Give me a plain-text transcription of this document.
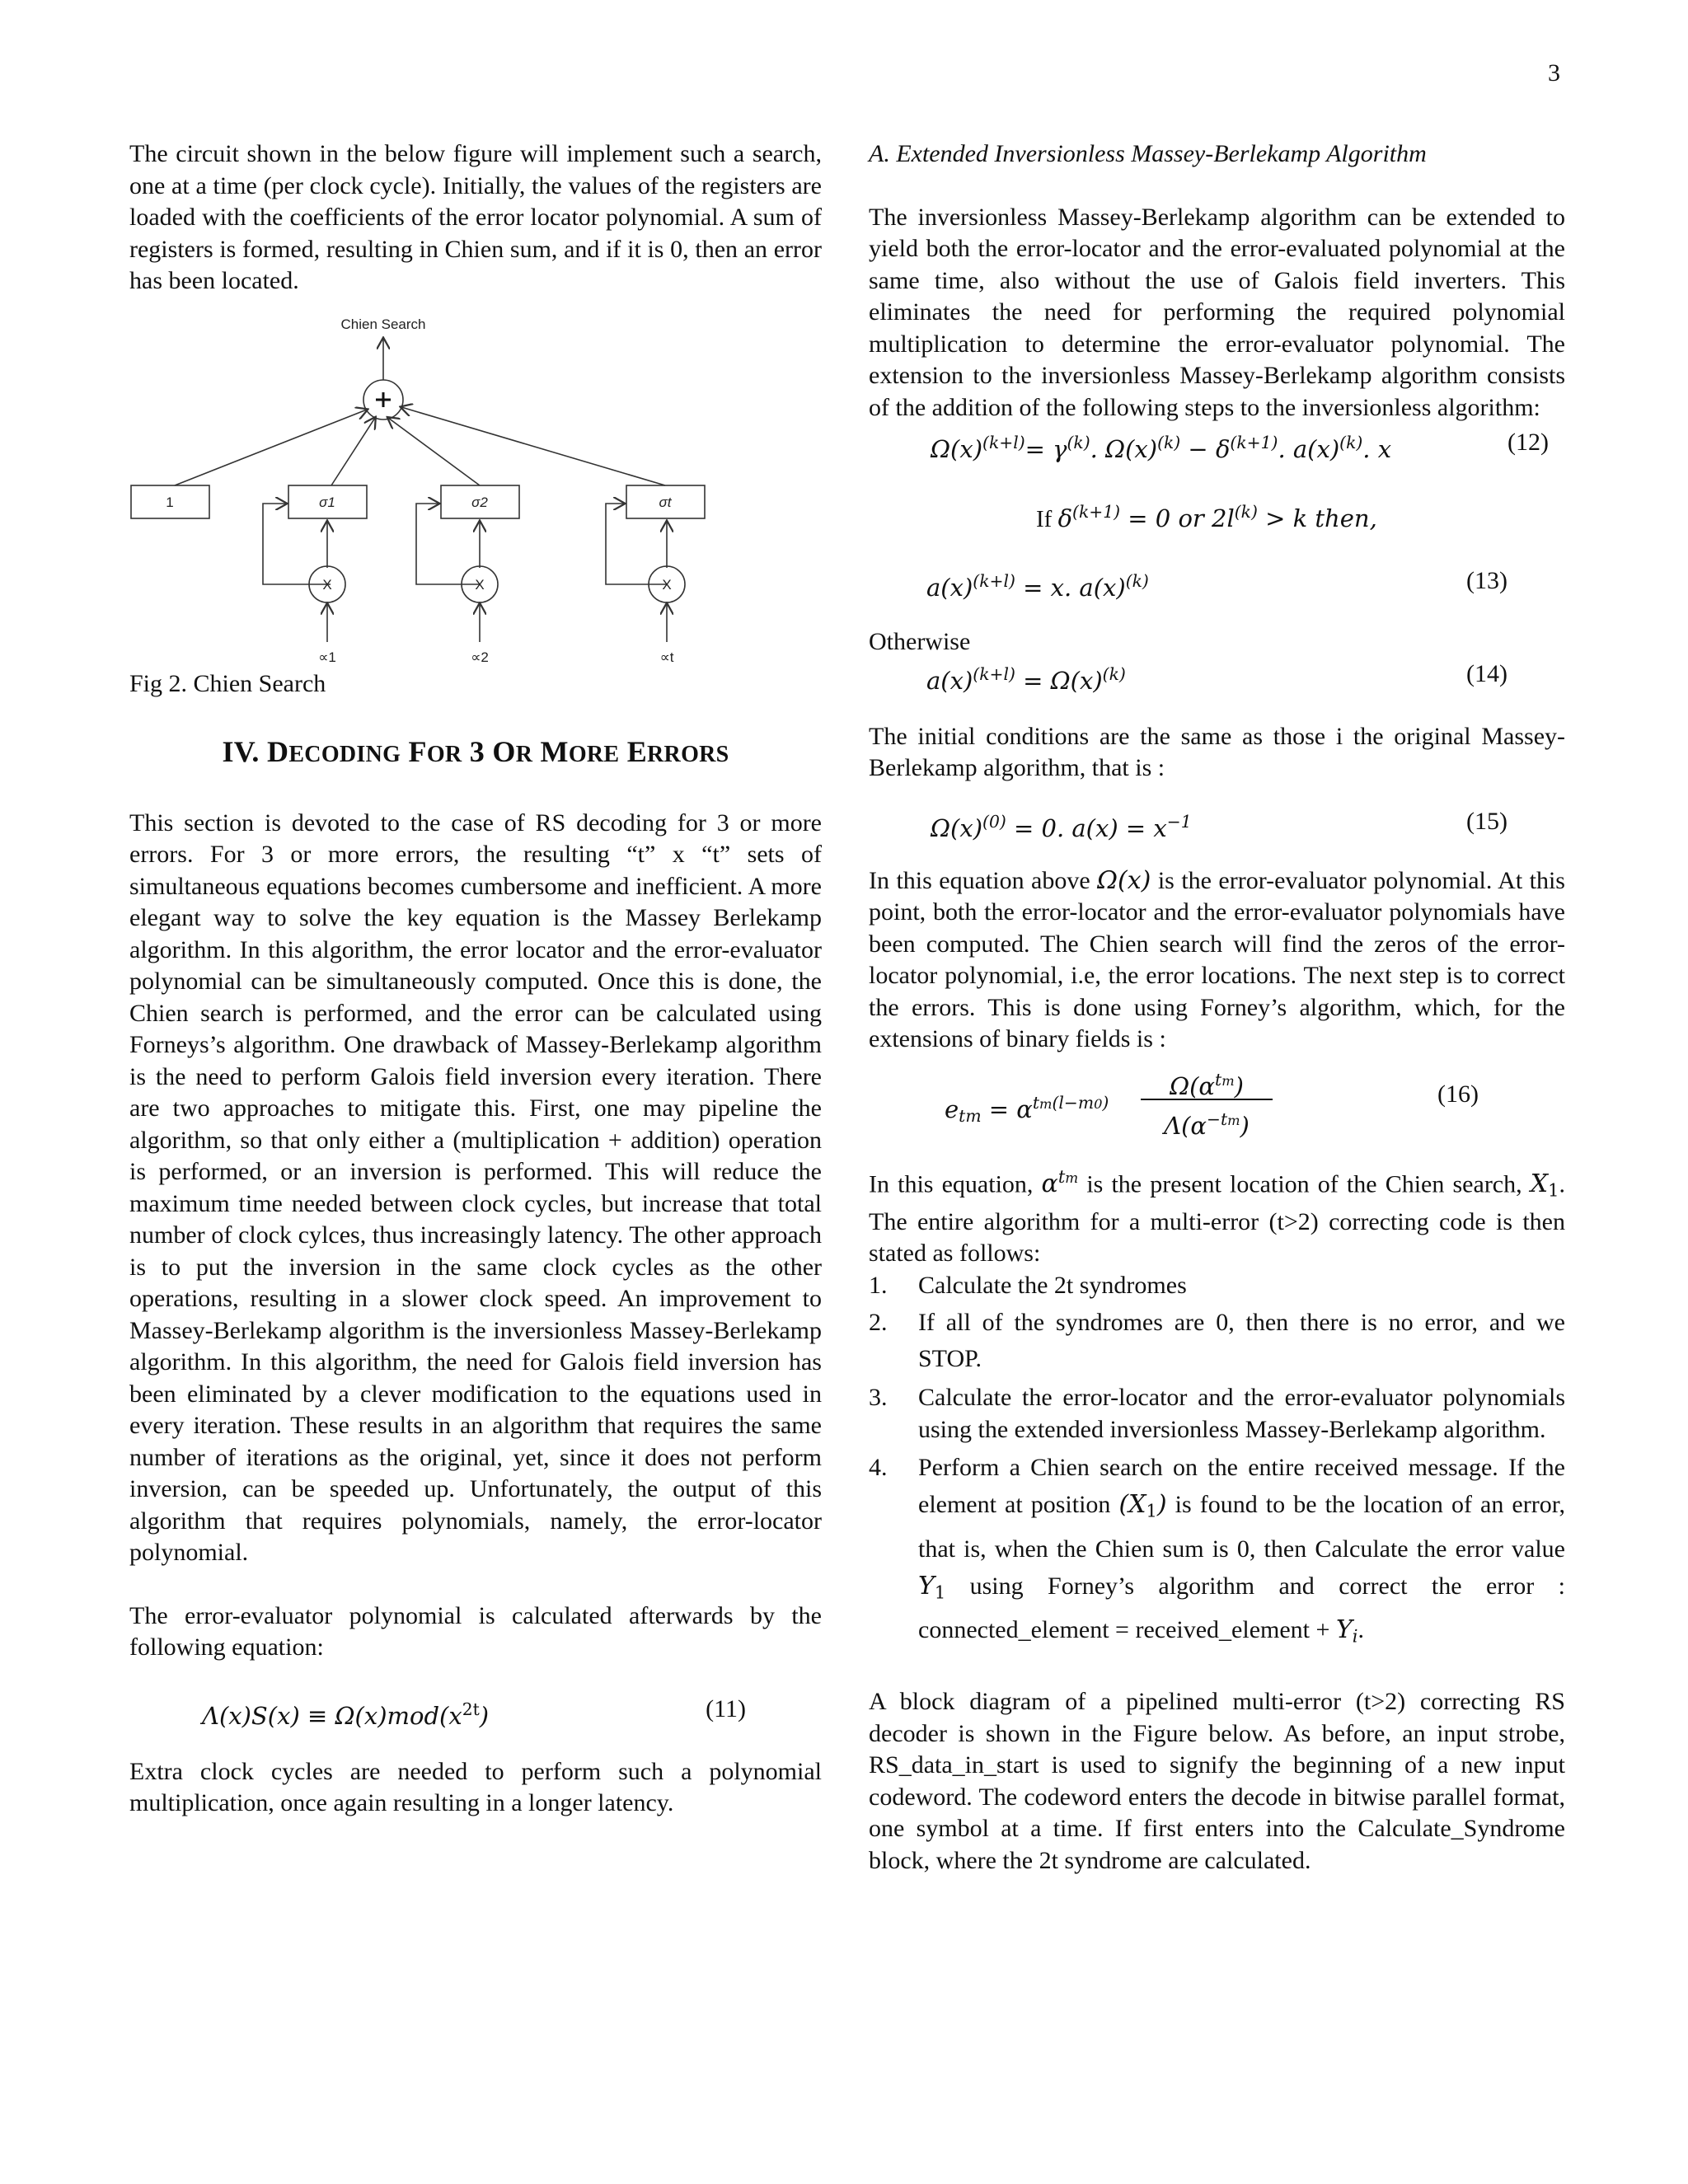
3

The circuit shown in the below figure will implement such a search, one at a time (per clock cycle). Initially, the values of the registers are loaded with the coefficients of the error locator polynomial. A sum of registers is formed, resulting in Chien sum, and if it is 0, then an error has been located.

Chien Search
1	σ1	σ2	σt
X	X	X
∝1	∝2	∝t
Fig 2. Chien Search
IV. DECODING FOR 3 OR MORE ERRORS

This section is devoted to the case of RS decoding for 3 or more errors. For 3 or more errors, the resulting “t” x “t” sets of simultaneous equations becomes cumbersome and inefficient. A more elegant way to solve the key equation is the Massey Berlekamp algorithm. In this algorithm, the error locator and the error-evaluator polynomial can be simultaneously computed. Once this is done, the Chien search is performed, and the error can be calculated using Forneys’s algorithm. One drawback of Massey-Berlekamp algorithm is the need to perform Galois field inversion every iteration. There are two approaches to mitigate this. First, one may pipeline the algorithm, so that only either a (multiplication + addition) operation is performed, or an inversion is performed. This will reduce the maximum time needed between clock cycles, but increase that total number of clock cylces, thus increasingly latency. The other approach is to put the inversion in the same clock cycles as the other operations, resulting in a slower clock speed. An improvement to Massey-Berlekamp algorithm is the inversionless Massey-Berlekamp algorithm. In this algorithm, the need for Galois field inversion has been eliminated by a clever modification to the equations used in every iteration. These results in an algorithm that requires the same number of iterations as the original, yet, since it does not perform inversion, can be speeded up. Unfortunately, the output of this algorithm that requires polynomials, namely, the error-locator polynomial.

The error-evaluator polynomial is calculated afterwards by the following equation:

$\Lambda(x)S(x) \equiv \Omega(x)mod(x^{2t})$	(11)

Extra clock cycles are needed to perform such a polynomial multiplication, once again resulting in a longer latency.

A. Extended Inversionless Massey-Berlekamp Algorithm

The inversionless Massey-Berlekamp algorithm can be extended to yield both the error-locator and the error-evaluated polynomial at the same time, also without the use of Galois field inverters. This eliminates the need for performing the required polynomial multiplication to determine the error-evaluator polynomial. The extension to the inversionless Massey-Berlekamp algorithm consists of the addition of the following steps to the inversionless algorithm:

$\Omega(x)^{(k+l)}= \gamma^{(k)}$. $\Omega(x)^{(k)} - \delta^{(k+1)}$. $a(x)^{(k)}$. x	(12)
If $\delta^{(k+1)} = 0$ or $2l^{(k)} > k$ then,
$a(x)^{(k+l)} = x$. $a(x)^{(k)}$	(13)

Otherwise

$a(x)^{(k+l)} = \Omega(x)^{(k)}$	(14)

The initial conditions are the same as those i the original Massey-Berlekamp algorithm, that is :

$\Omega(x)^{(0)} = 0$. $a(x) = x^{-1}$	(15)

In this equation above Ω(x) is the error-evaluator polynomial. At this point, both the error-locator and the error-evaluator polynomials have been computed. The Chien search will find the zeros of the error-locator polynomial, i.e, the error locations. The next step is to correct the errors. This is done using Forney’s algorithm, which, for the extensions of binary fields is :

$e_{tm} = \alpha^{tm(l-m0)}$
$\Omega(\alpha^{tm})$
$\Lambda(\alpha^{-tm})$
(16)

In this equation, $\alpha^{tm}$ is the present location of the Chien search, $X_1$. The entire algorithm for a multi-error (t>2) correcting code is then stated as follows:

1. Calculate the 2t syndromes
2. If all of the syndromes are 0, then there is no error, and we STOP.
3. Calculate the error-locator and the error-evaluator polynomials using the extended inversionless Massey-Berlekamp algorithm.
4. Perform a Chien search on the entire received message. If the element at position $(X_1)$ is found to be the location of an error, that is, when the Chien sum is 0, then Calculate the error value $Y_1$ using Forney’s algorithm and correct the error : connected_element = received_element + $Y_i$.

A block diagram of a pipelined multi-error (t>2) correcting RS decoder is shown in the Figure below. As before, an input strobe, RS_data_in_start is used to signify the beginning of a new input codeword. The codeword enters the decode in bitwise parallel format, one symbol at a time. If first enters into the Calculate_Syndrome block, where the 2t syndrome are calculated.
